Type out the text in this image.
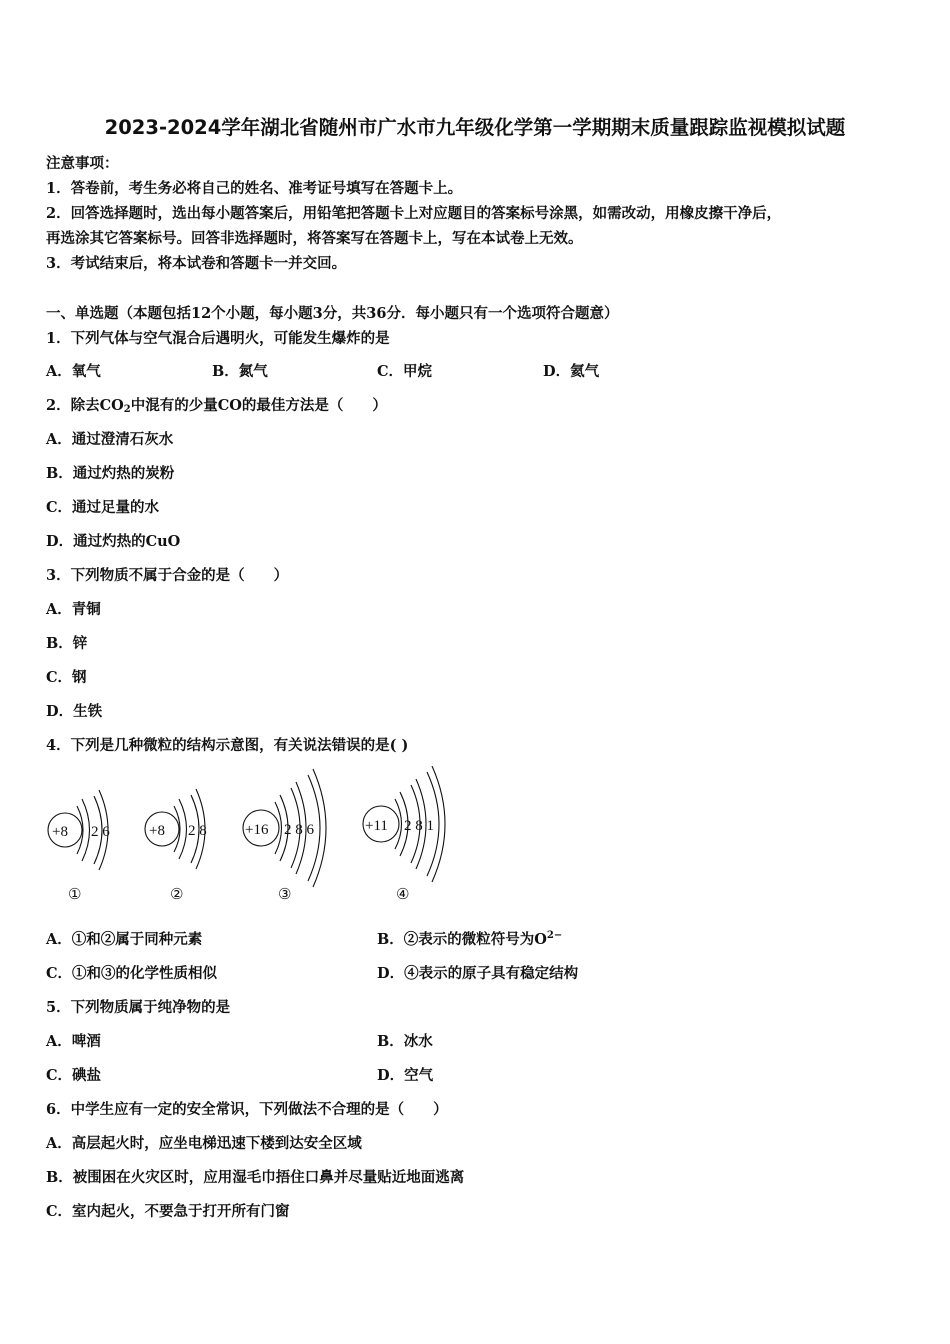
2023-2024学年湖北省随州市广水市九年级化学第一学期期末质量跟踪监视模拟试题
注意事项：
1．答卷前，考生务必将自己的姓名、准考证号填写在答题卡上。
2．回答选择题时，选出每小题答案后，用铅笔把答题卡上对应题目的答案标号涂黑，如需改动，用橡皮擦干净后，
再选涂其它答案标号。回答非选择题时，将答案写在答题卡上，写在本试卷上无效。
3．考试结束后，将本试卷和答题卡一并交回。
一、单选题（本题包括12个小题，每小题3分，共36分．每小题只有一个选项符合题意）
1．下列气体与空气混合后遇明火，可能发生爆炸的是
A．氧气	B．氮气	C．甲烷	D．氦气
2．除去$CO_2$中混有的少量CO的最佳方法是（　　）
A．通过澄清石灰水
B．通过灼热的炭粉
C．通过足量的水
D．通过灼热的CuO
3．下列物质不属于合金的是（　　）
A．青铜
B．锌
C．钢
D．生铁
4．下列是几种微粒的结构示意图，有关说法错误的是( )
+8 2 6
①
+8 2 8
②
+16 2 8 6
③
+11 2 8 1
④
A．①和②属于同种元素	B．②表示的微粒符号为$O^{2-}$
C．①和③的化学性质相似	D．④表示的原子具有稳定结构
5．下列物质属于纯净物的是
A．啤酒	B．冰水
C．碘盐	D．空气
6．中学生应有一定的安全常识，下列做法不合理的是（　　）
A．高层起火时，应坐电梯迅速下楼到达安全区域
B．被围困在火灾区时，应用湿毛巾捂住口鼻并尽量贴近地面逃离
C．室内起火，不要急于打开所有门窗
